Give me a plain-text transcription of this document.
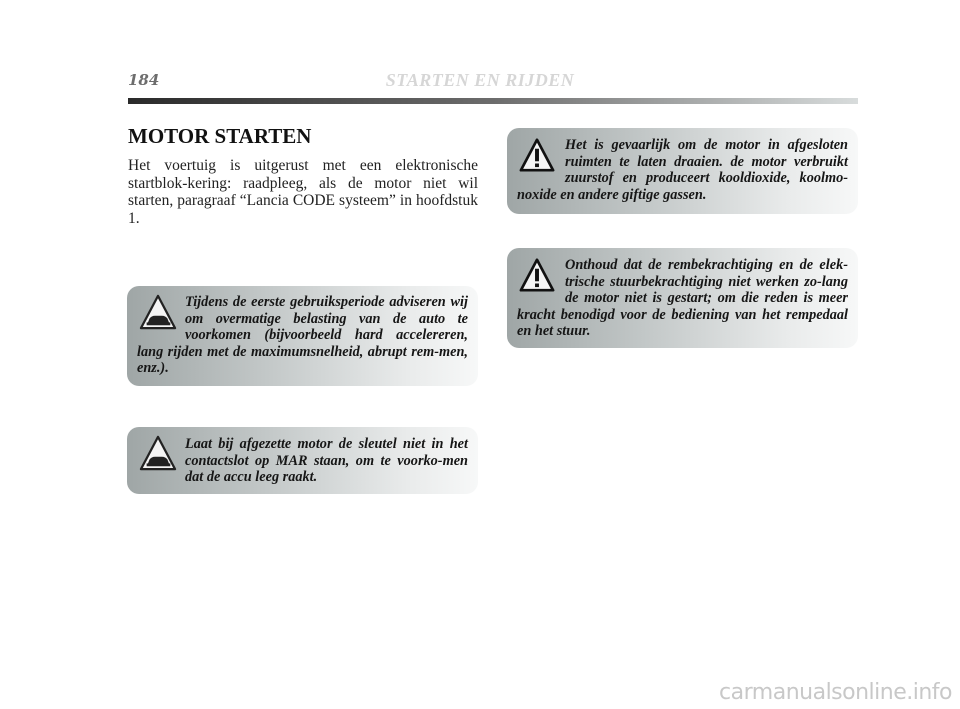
184	STARTEN EN RIJDEN
MOTOR STARTEN

Het voertuig is uitgerust met een elektronische startblok-kering: raadpleeg, als de motor niet wil starten, paragraaf “Lancia CODE systeem” in hoofdstuk 1.

Tijdens de eerste gebruiksperiode adviseren wij om overmatige belasting van de auto te voorkomen (bijvoorbeeld hard accelereren, lang rijden met de maximumsnelheid, abrupt rem-men, enz.).

Laat bij afgezette motor de sleutel niet in het contactslot op MAR staan, om te voorko-men dat de accu leeg raakt.

Het is gevaarlijk om de motor in afgesloten ruimten te laten draaien. de motor verbruikt zuurstof en produceert kooldioxide, koolmo-noxide en andere giftige gassen.

Onthoud dat de rembekrachtiging en de elek-trische stuurbekrachtiging niet werken zo-lang de motor niet is gestart; om die reden is meer kracht benodigd voor de bediening van het rempedaal en het stuur.

carmanualsonline.info
